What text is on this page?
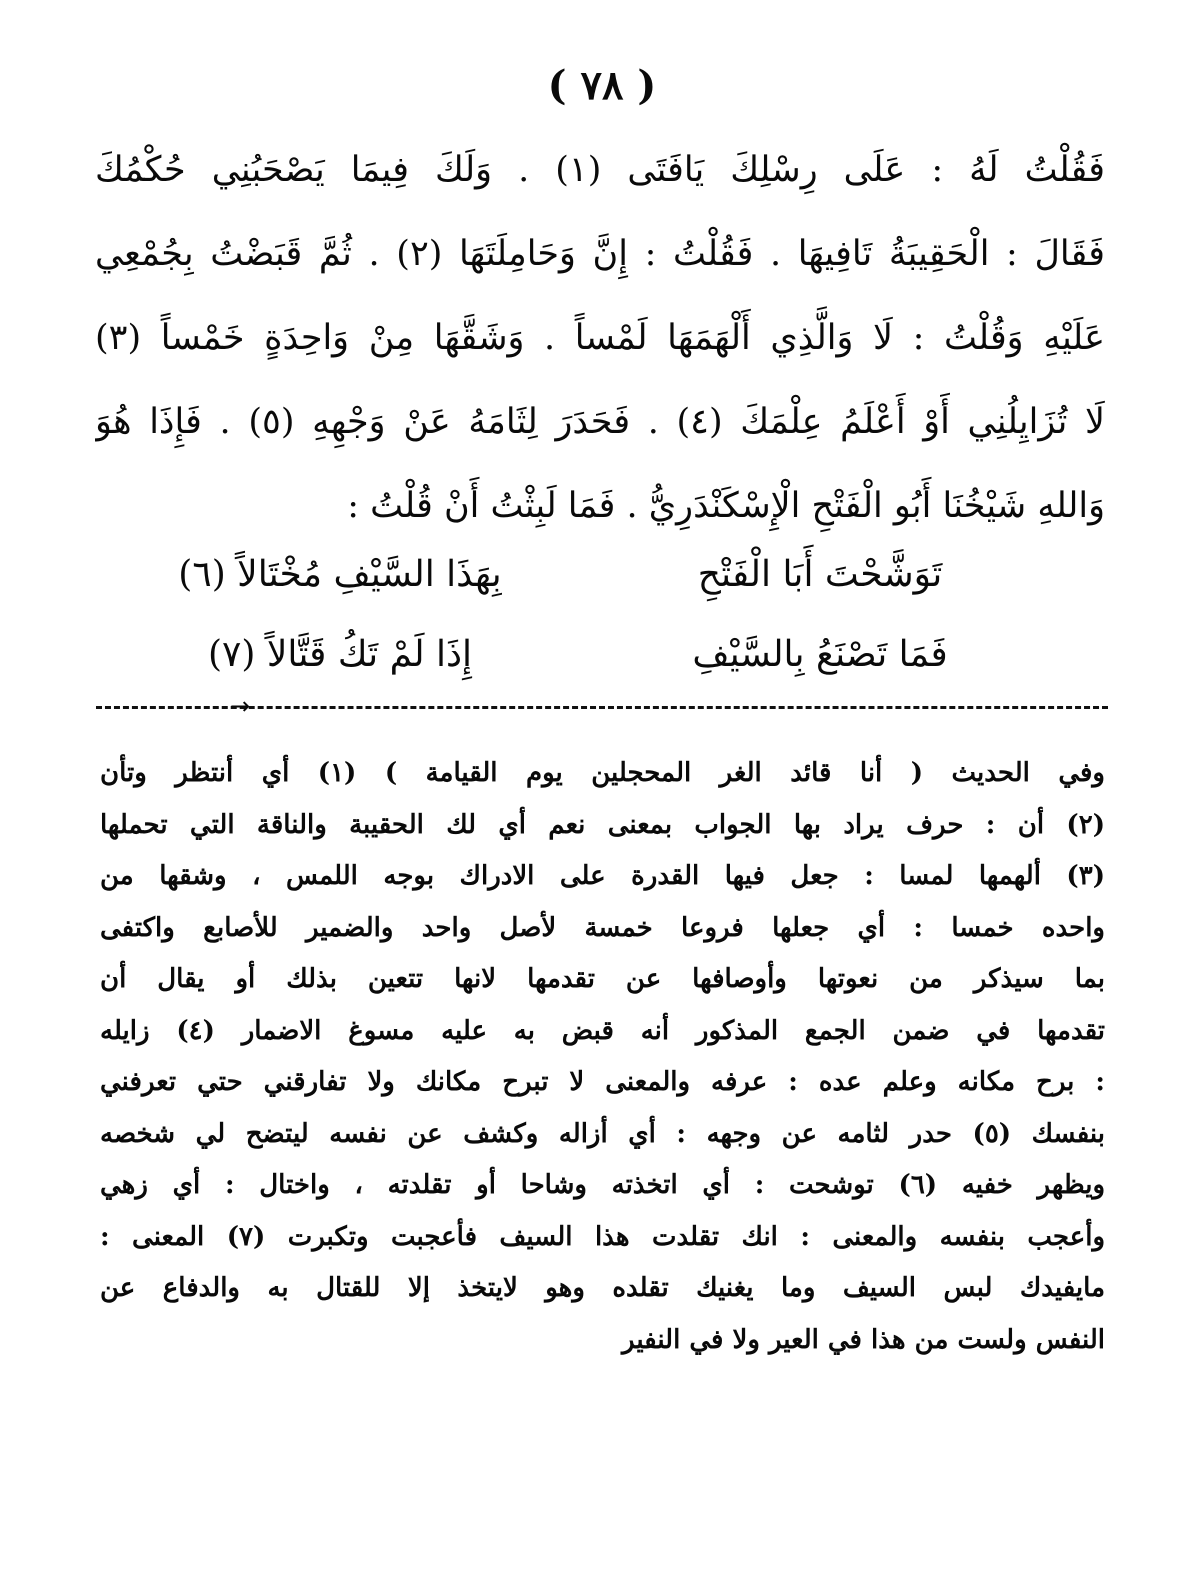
( ٧٨ )
فَقُلْتُ لَهُ : عَلَى رِسْلِكَ يَافَتَى (١) . وَلَكَ فِيمَا يَصْحَبُنِي حُكْمُكَ
فَقَالَ : الْحَقِيبَةُ تَافِيهَا . فَقُلْتُ : إِنَّ وَحَامِلَتَهَا (٢) . ثُمَّ قَبَضْتُ بِجُمْعِي
عَلَيْهِ وَقُلْتُ : لَا وَالَّذِي أَلْهَمَهَا لَمْساً . وَشَقَّهَا مِنْ وَاحِدَةٍ خَمْساً (٣)
لَا تُزَايِلُنِي أَوْ أَعْلَمُ عِلْمَكَ (٤) . فَحَدَرَ لِثَامَهُ عَنْ وَجْهِهِ (٥) . فَإِذَا هُوَ
وَاللهِ شَيْخُنَا أَبُو الْفَتْحِ الْإِسْكَنْدَرِيُّ . فَمَا لَبِثْتُ أَنْ قُلْتُ :
تَوَشَّحْتَ أَبَا الْفَتْحِ
بِهَذَا السَّيْفِ مُخْتَالاً (٦)
فَمَا تَصْنَعُ بِالسَّيْفِ
إِذَا لَمْ تَكُ قَتَّالاً (٧)
→
وفي الحديث ( أنا قائد الغر المحجلين يوم القيامة ) (١) أي أنتظر وتأن
(٢) أن : حرف يراد بها الجواب بمعنى نعم أي لك الحقيبة والناقة التي تحملها
(٣) ألهمها لمسا : جعل فيها القدرة على الادراك بوجه اللمس ، وشقها من
واحده خمسا : أي جعلها فروعا خمسة لأصل واحد والضمير للأصابع واكتفى
بما سيذكر من نعوتها وأوصافها عن تقدمها لانها تتعين بذلك أو يقال أن
تقدمها في ضمن الجمع المذكور أنه قبض به عليه مسوغ الاضمار (٤) زايله
: برح مكانه وعلم عده : عرفه والمعنى لا تبرح مكانك ولا تفارقني حتي تعرفني
بنفسك (٥) حدر لثامه عن وجهه : أي أزاله وكشف عن نفسه ليتضح لي شخصه
ويظهر خفيه (٦) توشحت : أي اتخذته وشاحا أو تقلدته ، واختال : أي زهي
وأعجب بنفسه والمعنى : انك تقلدت هذا السيف فأعجبت وتكبرت (٧) المعنى :
مايفيدك لبس السيف وما يغنيك تقلده وهو لايتخذ إلا للقتال به والدفاع عن
النفس ولست من هذا في العير ولا في النفير
